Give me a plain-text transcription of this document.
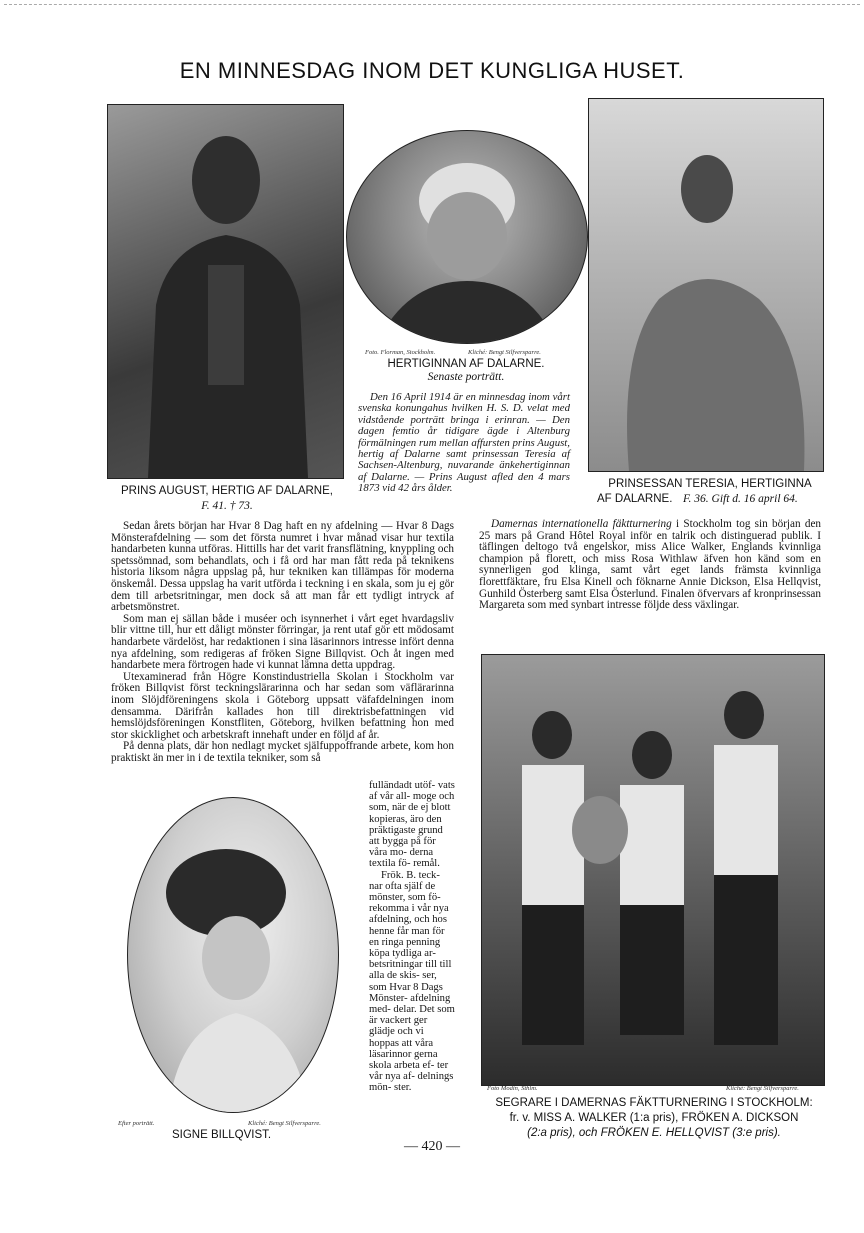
EN MINNESDAG INOM DET KUNGLIGA HUSET.
PRINS AUGUST, HERTIG AF DALARNE,
F. 41. † 73.
Foto. Florman, Stockholm.	Kliché: Bengt Silfversparre.
HERTIGINNAN AF DALARNE.
Senaste porträtt.
Den 16 April 1914 är en minnesdag inom vårt svenska konungahus hvilken H. S. D. velat med vidstående porträtt bringa i erinran. — Den dagen femtio år tidigare ägde i Altenburg förmälningen rum mellan affursten prins August, hertig af Dalarne samt prinsessan Teresia af Sachsen-Altenburg, nuvarande änkehertiginnan af Dalarne. — Prins August afled den 4 mars 1873 vid 42 års ålder.	PRINSESSAN TERESIA, HERTIGINNA
AF DALARNE. F. 36. Gift d. 16 april 64.

Sedan årets början har Hvar 8 Dag haft en ny afdelning — Hvar 8 Dags Mönsterafdelning — som det första numret i hvar månad visar hur textila handarbeten kunna utföras. Hittills har det varit fransflätning, knyppling och spetssömnad, som behandlats, och i få ord har man fått reda på teknikens historia liksom några uppslag på, hur tekniken kan tillämpas för moderna önskemål. Dessa uppslag ha varit utförda i teckning i en skala, som ju ej gör dem till arbetsritningar, men dock så att man får ett tydligt intryck af arbetsmönstret.

Som man ej sällan både i muséer och isynnerhet i vårt eget hvardagsliv blir vittne till, hur ett dåligt mönster förringar, ja rent utaf gör ett mödosamt handarbete värdelöst, har redaktionen i sina läsarinnors intresse infört denna nya afdelning, som redigeras af fröken Signe Billqvist. Och åt ingen med handarbete mera förtrogen hade vi kunnat lämna detta uppdrag.

Utexaminerad från Högre Konstindustriella Skolan i Stockholm var fröken Billqvist först teckningslärarinna och har sedan som väflärarinna inom Slöjdföreningens skola i Göteborg uppsatt väfafdelningen inom densamma. Därifrån kallades hon till direktrisbefattningen vid hemslöjdsföreningen Konstfliten, Göteborg, hvilken befattning hon med stor skicklighet och arbetskraft innehaft under en följd af år.

På denna plats, där hon nedlagt mycket själfuppoffrande arbete, kom hon praktiskt än mer in i de textila tekniker, som så

fulländadt utöf- vats af vår all- moge och som, när de ej blott kopieras, äro den präktigaste grund att bygga på för våra mo- derna textila fö- remål.

Frök. B. teck- nar ofta själf de mönster, som fö- rekomma i vår nya afdelning, och hos henne får man för en ringa penning köpa tydliga ar- betsritningar till till alla de skis- ser, som Hvar 8 Dags Mönster- afdelning med- delar. Det som är vackert ger glädje och vi hoppas att våra läsarinnor gerna skola arbeta ef- ter vår nya af- delnings mön- ster.

Efter porträtt.	Kliché: Bengt Silfversparre.
SIGNE BILLQVIST.

Damernas internationella fäktturnering i Stockholm tog sin början den 25 mars på Grand Hôtel Royal inför en talrik och distinguerad publik. I täflingen deltogo två engelskor, miss Alice Walker, Englands kvinnliga champion på florett, och miss Rosa Withlaw äfven hon känd som en synnerligen god klinga, samt vårt eget lands främsta kvinnliga florettfäktare, fru Elsa Kinell och föknarne Annie Dickson, Elsa Hellqvist, Gunhild Österberg samt Elsa Österlund. Finalen öfvervars af kronprinsessan Margareta som med synbart intresse följde dess växlingar.

Foto Modin, Sthlm.	Kliché: Bengt Silfversparre.
SEGRARE I DAMERNAS FÄKTTURNERING I STOCKHOLM:
fr. v. MISS A. WALKER (1:a pris), FRÖKEN A. DICKSON
(2:a pris), och FRÖKEN E. HELLQVIST (3:e pris).
— 420 —
